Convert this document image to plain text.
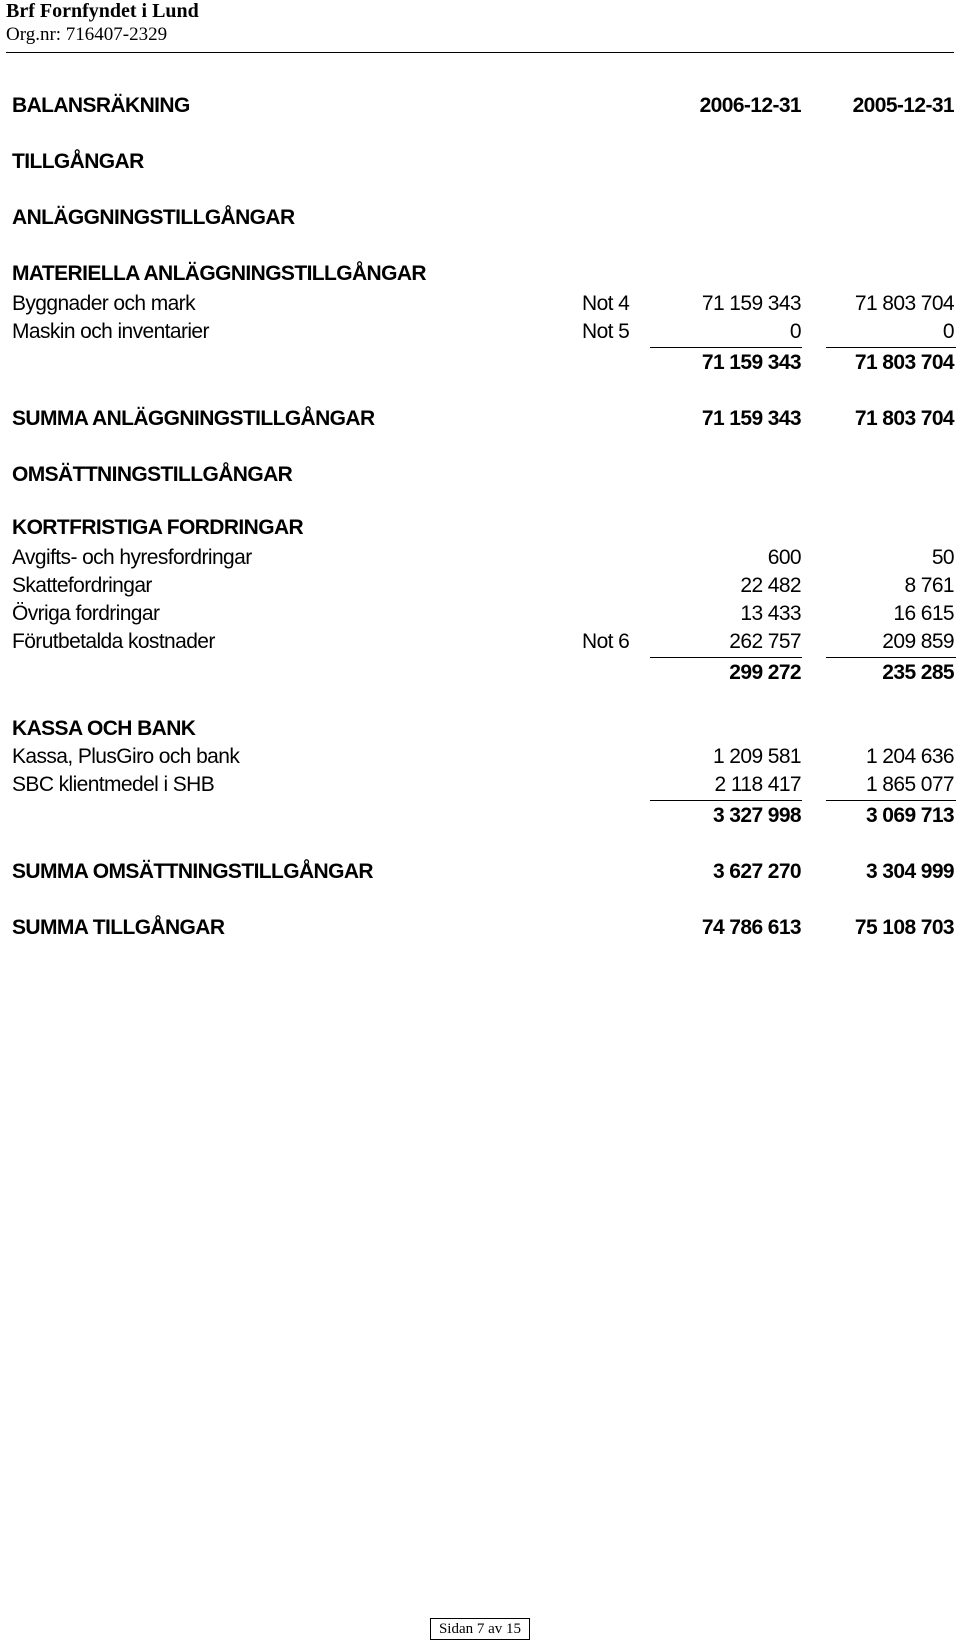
Brf Fornfyndet i Lund

Org.nr: 716407-2329

BALANSRÄKNING	2006-12-31 2005-12-31
TILLGÅNGAR
ANLÄGGNINGSTILLGÅNGAR
MATERIELLA ANLÄGGNINGSTILLGÅNGAR
Byggnader och mark	Not 4	71 159 343	71 803 704
Maskin och inventarier	Not 5	0	0
71 159 343	71 803 704
SUMMA ANLÄGGNINGSTILLGÅNGAR	71 159 343	71 803 704
OMSÄTTNINGSTILLGÅNGAR
KORTFRISTIGA FORDRINGAR
Avgifts- och hyresfordringar	600	50
Skattefordringar	22 482	8 761
Övriga fordringar	13 433	16 615
Förutbetalda kostnader	Not 6	262 757	209 859
299 272	235 285
KASSA OCH BANK
Kassa, PlusGiro och bank	1 209 581	1 204 636
SBC klientmedel i SHB	2 118 417	1 865 077
3 327 998	3 069 713
SUMMA OMSÄTTNINGSTILLGÅNGAR	3 627 270	3 304 999
SUMMA TILLGÅNGAR	74 786 613	75 108 703
Sidan 7 av 15
